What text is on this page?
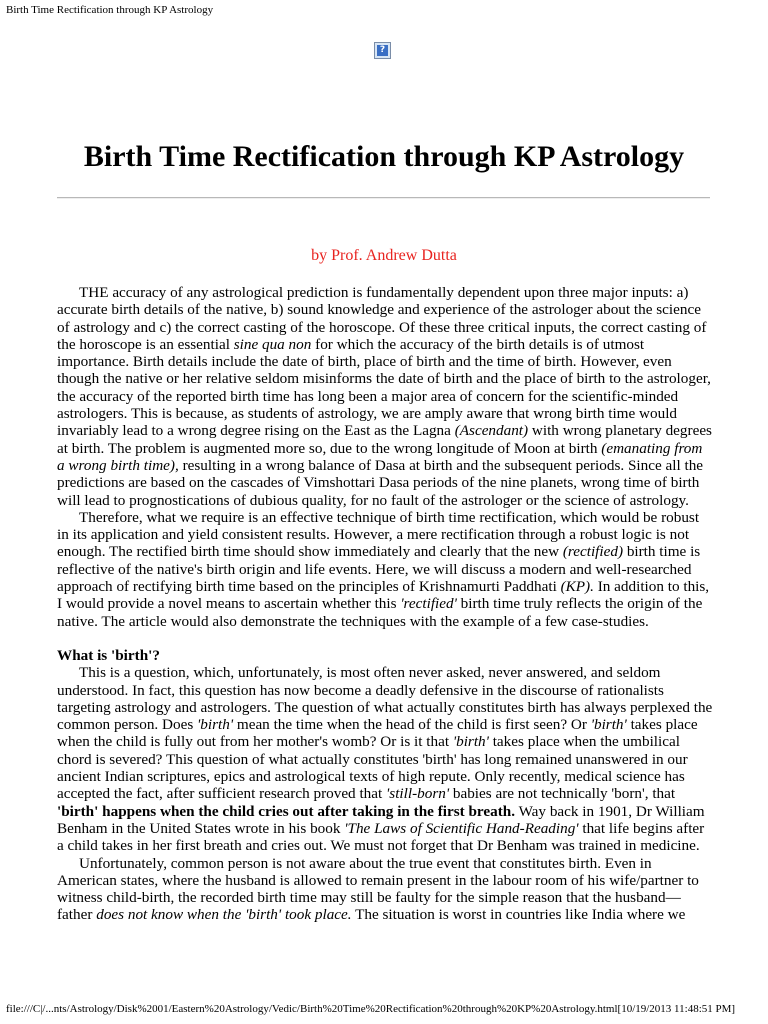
Birth Time Rectification through KP Astrology
?
Birth Time Rectification through KP Astrology
by Prof. Andrew Dutta

THE accuracy of any astrological prediction is fundamentally dependent upon three major inputs: a) accurate birth details of the native, b) sound knowledge and experience of the astrologer about the science of astrology and c) the correct casting of the horoscope. Of these three critical inputs, the correct casting of the horoscope is an essential sine qua non for which the accuracy of the birth details is of utmost importance. Birth details include the date of birth, place of birth and the time of birth. However, even though the native or her relative seldom misinforms the date of birth and the place of birth to the astrologer, the accuracy of the reported birth time has long been a major area of concern for the scientific-minded astrologers. This is because, as students of astrology, we are amply aware that wrong birth time would invariably lead to a wrong degree rising on the East as the Lagna (Ascendant) with wrong planetary degrees at birth. The problem is augmented more so, due to the wrong longitude of Moon at birth (emanating from a wrong birth time), resulting in a wrong balance of Dasa at birth and the subsequent periods. Since all the predictions are based on the cascades of Vimshottari Dasa periods of the nine planets, wrong time of birth will lead to prognostications of dubious quality, for no fault of the astrologer or the science of astrology.

Therefore, what we require is an effective technique of birth time rectification, which would be robust in its application and yield consistent results. However, a mere rectification through a robust logic is not enough. The rectified birth time should show immediately and clearly that the new (rectified) birth time is reflective of the native's birth origin and life events. Here, we will discuss a modern and well-researched approach of rectifying birth time based on the principles of Krishnamurti Paddhati (KP). In addition to this, I would provide a novel means to ascertain whether this 'rectified' birth time truly reflects the origin of the native. The article would also demonstrate the techniques with the example of a few case-studies.

What is 'birth'?

This is a question, which, unfortunately, is most often never asked, never answered, and seldom understood. In fact, this question has now become a deadly defensive in the discourse of rationalists targeting astrology and astrologers. The question of what actually constitutes birth has always perplexed the common person. Does 'birth' mean the time when the head of the child is first seen? Or 'birth' takes place when the child is fully out from her mother's womb? Or is it that 'birth' takes place when the umbilical chord is severed? This question of what actually constitutes 'birth' has long remained unanswered in our ancient Indian scriptures, epics and astrological texts of high repute. Only recently, medical science has accepted the fact, after sufficient research proved that 'still-born' babies are not technically 'born', that 'birth' happens when the child cries out after taking in the first breath. Way back in 1901, Dr William Benham in the United States wrote in his book 'The Laws of Scientific Hand-Reading' that life begins after a child takes in her first breath and cries out. We must not forget that Dr Benham was trained in medicine.

Unfortunately, common person is not aware about the true event that constitutes birth. Even in American states, where the husband is allowed to remain present in the labour room of his wife/partner to witness child-birth, the recorded birth time may still be faulty for the simple reason that the husband—father does not know when the 'birth' took place. The situation is worst in countries like India where we

file:///C|/...nts/Astrology/Disk%2001/Eastern%20Astrology/Vedic/Birth%20Time%20Rectification%20through%20KP%20Astrology.html[10/19/2013 11:48:51 PM]
